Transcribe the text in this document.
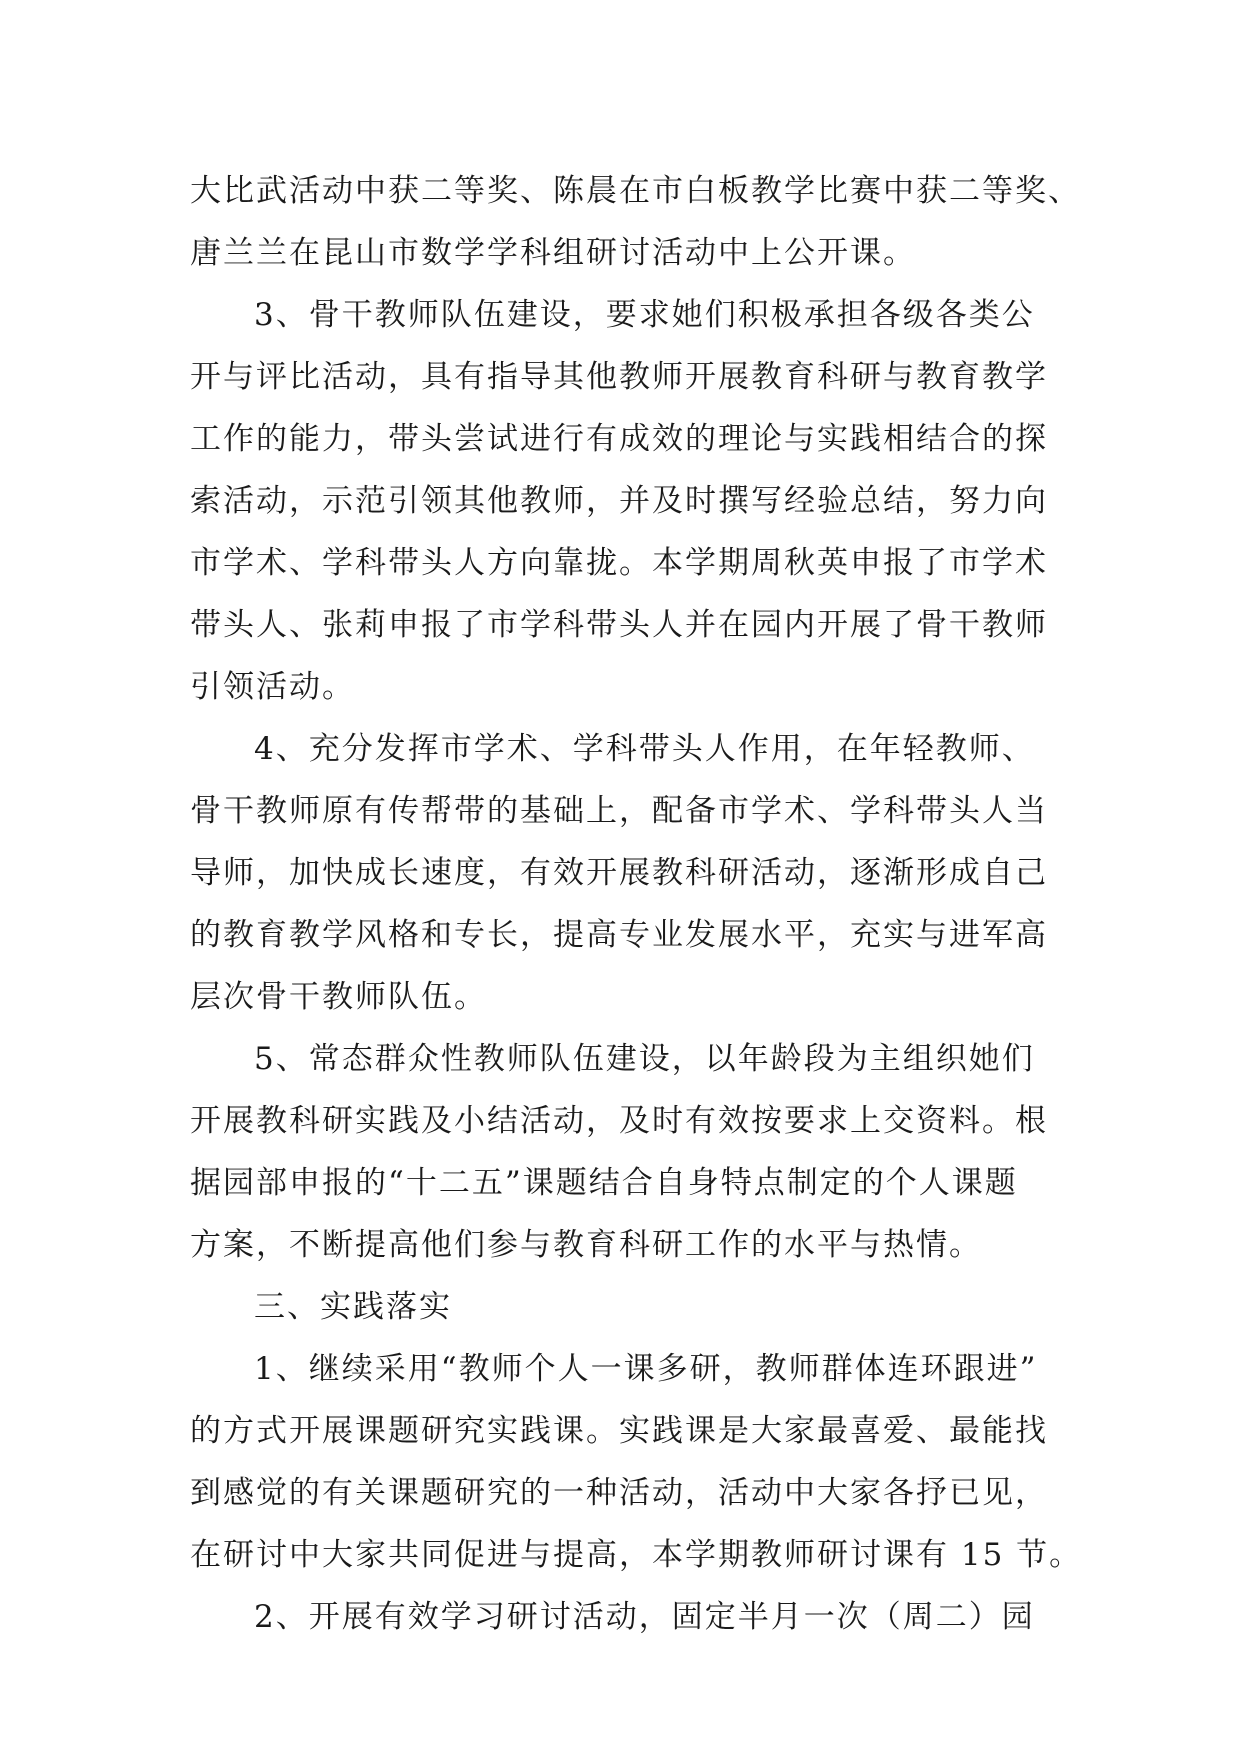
大比武活动中获二等奖、陈晨在市白板教学比赛中获二等奖、
唐兰兰在昆山市数学学科组研讨活动中上公开课。
3、骨干教师队伍建设，要求她们积极承担各级各类公
开与评比活动，具有指导其他教师开展教育科研与教育教学
工作的能力，带头尝试进行有成效的理论与实践相结合的探
索活动，示范引领其他教师，并及时撰写经验总结，努力向
市学术、学科带头人方向靠拢。本学期周秋英申报了市学术
带头人、张莉申报了市学科带头人并在园内开展了骨干教师
引领活动。
4、充分发挥市学术、学科带头人作用，在年轻教师、
骨干教师原有传帮带的基础上，配备市学术、学科带头人当
导师，加快成长速度，有效开展教科研活动，逐渐形成自己
的教育教学风格和专长，提高专业发展水平，充实与进军高
层次骨干教师队伍。
5、常态群众性教师队伍建设，以年龄段为主组织她们
开展教科研实践及小结活动，及时有效按要求上交资料。根
据园部申报的“十二五”课题结合自身特点制定的个人课题
方案，不断提高他们参与教育科研工作的水平与热情。
三、实践落实
1、继续采用“教师个人一课多研，教师群体连环跟进”
的方式开展课题研究实践课。实践课是大家最喜爱、最能找
到感觉的有关课题研究的一种活动，活动中大家各抒已见，
在研讨中大家共同促进与提高，本学期教师研讨课有 15 节。
2、开展有效学习研讨活动，固定半月一次（周二）园
